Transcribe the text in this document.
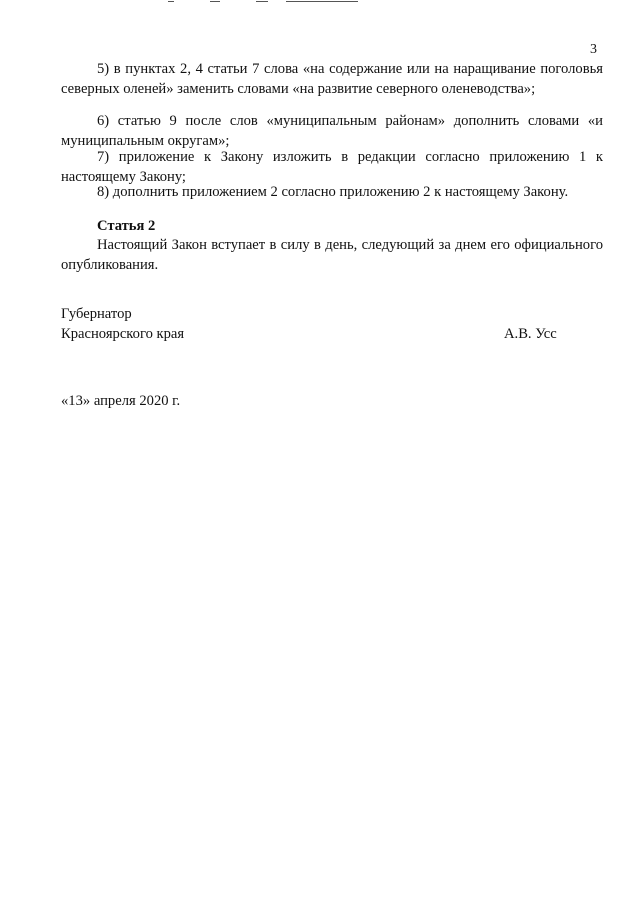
3

5) в пунктах 2, 4 статьи 7 слова «на содержание или на наращивание поголовья северных оленей» заменить словами «на развитие северного оленеводства»;

6) статью 9 после слов «муниципальным районам» дополнить словами «и муниципальным округам»;

7) приложение к Закону изложить в редакции согласно приложению 1 к настоящему Закону;

8) дополнить приложением 2 согласно приложению 2 к настоящему Закону.

Статья 2

Настоящий Закон вступает в силу в день, следующий за днем его официального опубликования.

Губернатор
Красноярского края	А.В. Усс
«13» апреля 2020 г.
